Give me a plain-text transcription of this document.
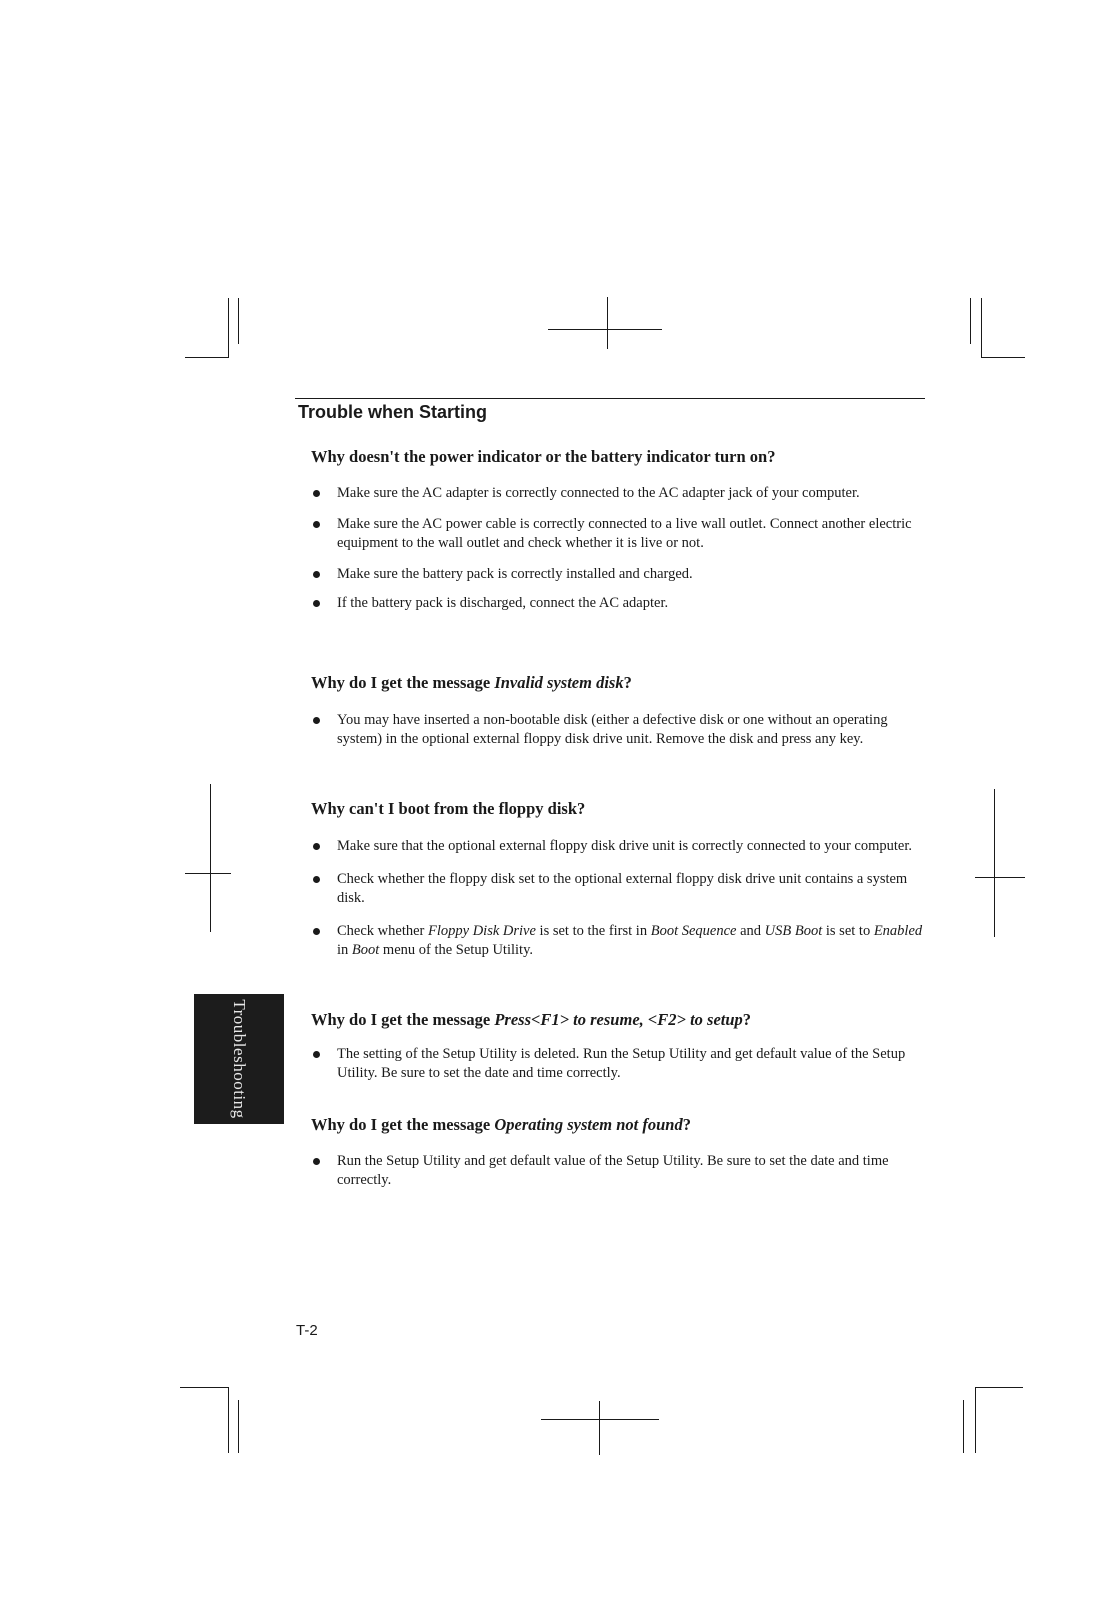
Trouble when Starting
Why doesn't the power indicator or the battery indicator turn on?
Make sure the AC adapter is correctly connected to the AC adapter jack of your computer.
Make sure the AC power cable is correctly connected to a live wall outlet. Connect another electric equipment to the wall outlet and check whether it is live or not.
Make sure the battery pack is correctly installed and charged.
If the battery pack is discharged, connect the AC adapter.
Why do I get the message Invalid system disk?
You may have inserted a non-bootable disk (either a defective disk or one without an operating system) in the optional external floppy disk drive unit. Remove the disk and press any key.
Why can't I boot from the floppy disk?
Make sure that the optional external floppy disk drive unit is correctly connected to your computer.
Check whether the floppy disk set to the optional external floppy disk drive unit contains a system disk.
Check whether Floppy Disk Drive is set to the first in Boot Sequence and USB Boot is set to Enabled in Boot menu of the Setup Utility.
Why do I get the message Press<F1> to resume, <F2> to setup?
The setting of the Setup Utility is deleted. Run the Setup Utility and get default value of the Setup Utility. Be sure to set the date and time correctly.
Why do I get the message Operating system not found?
Run the Setup Utility and get default value of the Setup Utility. Be sure to set the date and time correctly.
Troubleshooting
T-2
